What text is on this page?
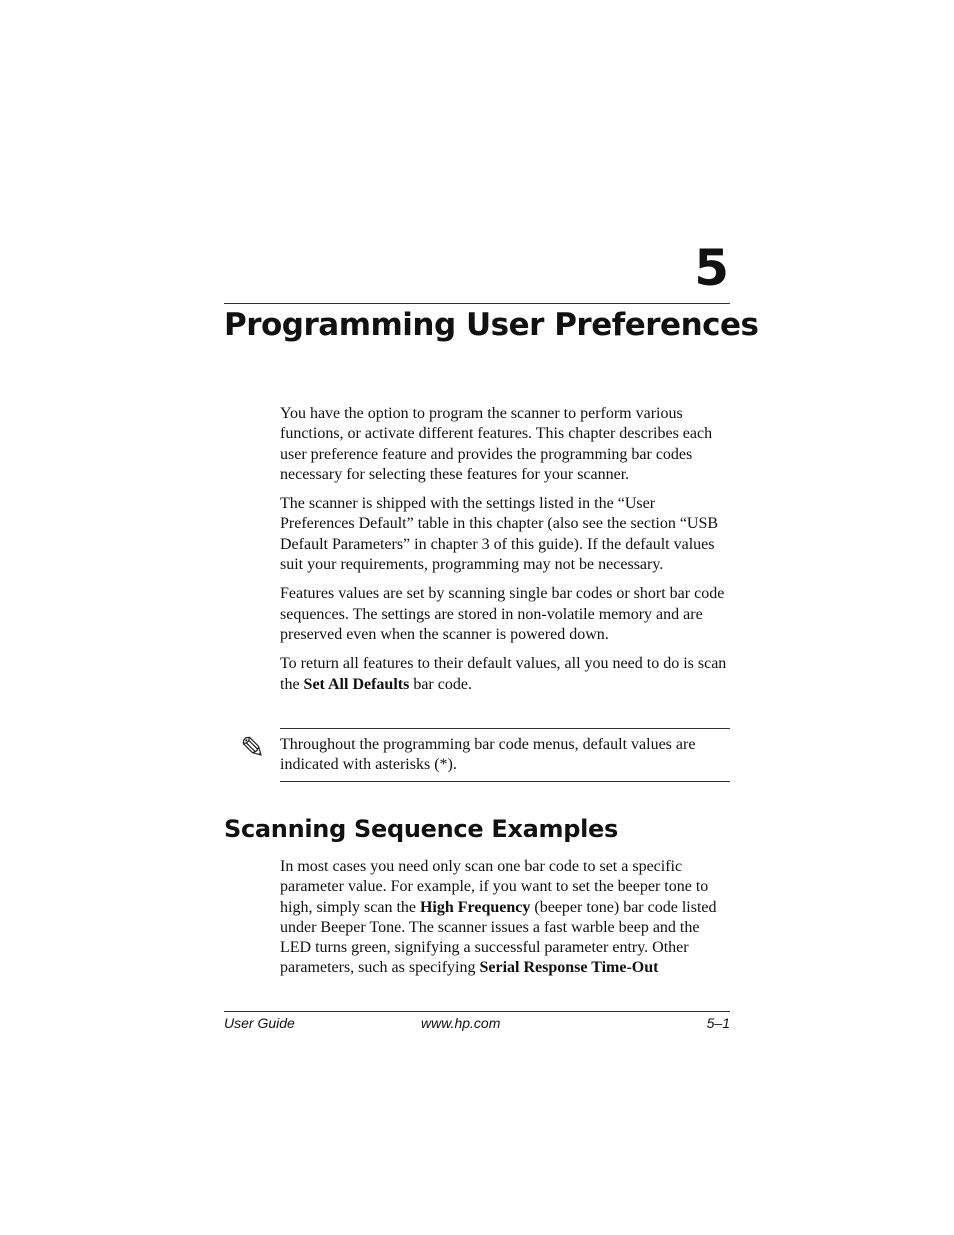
5
Programming User Preferences

You have the option to program the scanner to perform various functions, or activate different features. This chapter describes each user preference feature and provides the programming bar codes necessary for selecting these features for your scanner.

The scanner is shipped with the settings listed in the “User Preferences Default” table in this chapter (also see the section “USB Default Parameters” in chapter 3 of this guide). If the default values suit your requirements, programming may not be necessary.

Features values are set by scanning single bar codes or short bar code sequences. The settings are stored in non-volatile memory and are preserved even when the scanner is powered down.

To return all features to their default values, all you need to do is scan the Set All Defaults bar code.

✎ Throughout the programming bar code menus, default values are indicated with asterisks (*).
Scanning Sequence Examples

In most cases you need only scan one bar code to set a specific parameter value. For example, if you want to set the beeper tone to high, simply scan the High Frequency (beeper tone) bar code listed under Beeper Tone. The scanner issues a fast warble beep and the LED turns green, signifying a successful parameter entry. Other parameters, such as specifying Serial Response Time-Out

User Guide	www.hp.com	5–1
